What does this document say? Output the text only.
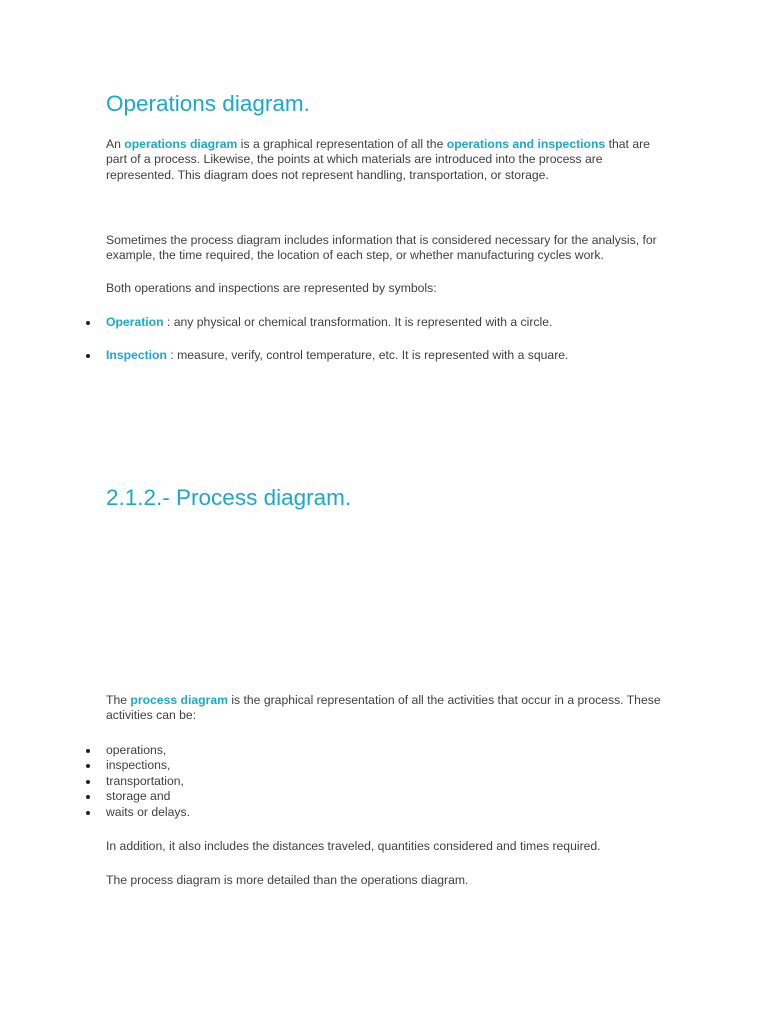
Operations diagram.

An operations diagram is a graphical representation of all the operations and inspections that are part of a process. Likewise, the points at which materials are introduced into the process are represented. This diagram does not represent handling, transportation, or storage.

Sometimes the process diagram includes information that is considered necessary for the analysis, for example, the time required, the location of each step, or whether manufacturing cycles work.

Both operations and inspections are represented by symbols:

Operation : any physical or chemical transformation. It is represented with a circle.
Inspection : measure, verify, control temperature, etc. It is represented with a square.
2.1.2.- Process diagram.

The process diagram is the graphical representation of all the activities that occur in a process. These activities can be:

operations,
inspections,
transportation,
storage and
waits or delays.

In addition, it also includes the distances traveled, quantities considered and times required.

The process diagram is more detailed than the operations diagram.
